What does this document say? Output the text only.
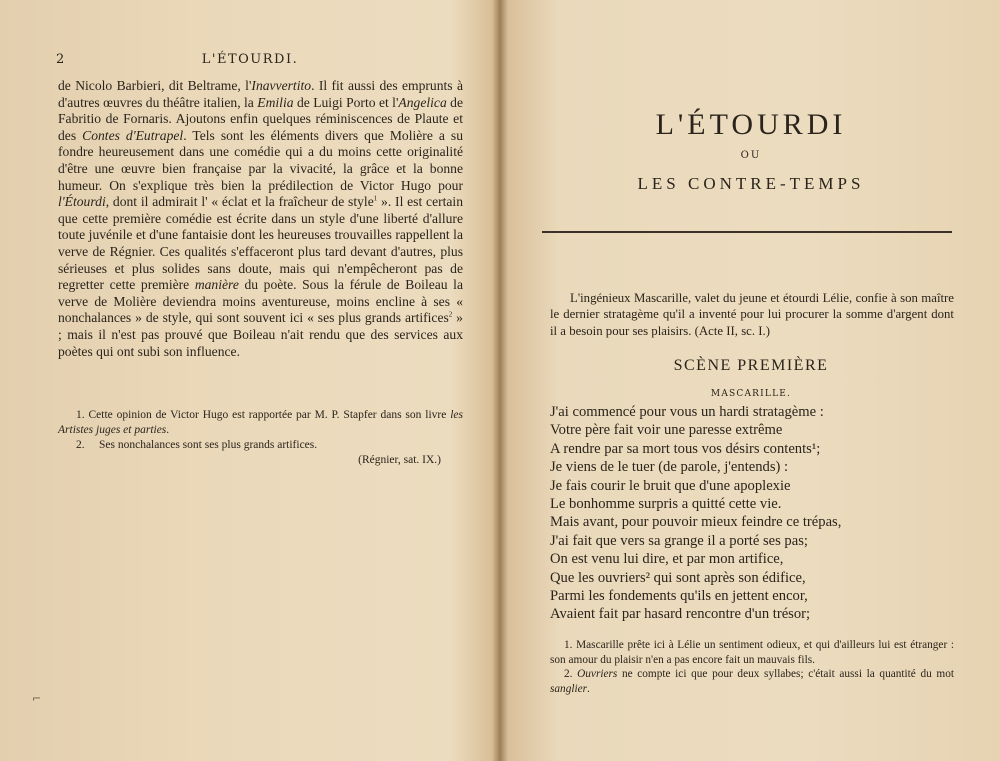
2	L'ÉTOURDI.

de Nicolo Barbieri, dit Beltrame, l'Inavvertito. Il fit aussi des emprunts à d'autres œuvres du théâtre italien, la Emilia de Luigi Porto et l'Angelica de Fabritio de Fornaris. Ajoutons enfin quelques réminiscences de Plaute et des Contes d'Eutrapel. Tels sont les éléments divers que Molière a su fondre heureusement dans une comédie qui a du moins cette originalité d'être une œuvre bien française par la vivacité, la grâce et la bonne humeur. On s'explique très bien la prédilection de Victor Hugo pour l'Étourdi, dont il admirait l' « éclat et la fraîcheur de style$^1$ ». Il est certain que cette première comédie est écrite dans un style d'une liberté d'allure toute juvénile et d'une fantaisie dont les heureuses trouvailles rappellent la verve de Régnier. Ces qualités s'effaceront plus tard devant d'autres, plus sérieuses et plus solides sans doute, mais qui n'empêcheront pas de regretter cette première manière du poète. Sous la férule de Boileau la verve de Molière deviendra moins aventureuse, moins encline à ses « nonchalances » de style, qui sont souvent ici « ses plus grands artifices$^2$ » ; mais il n'est pas prouvé que Boileau n'ait rendu que des services aux poètes qui ont subi son influence.

1. Cette opinion de Victor Hugo est rapportée par M. P. Stapfer dans son livre les Artistes juges et parties.

2.     Ses nonchalances sont ses plus grands artifices.

(Régnier, sat. IX.)

⌐
L'ÉTOURDI
OU
LES CONTRE-TEMPS
L'ingénieux Mascarille, valet du jeune et étourdi Lélie, confie à son maître le dernier stratagème qu'il a inventé pour lui procurer la somme d'argent dont il a besoin pour ses plaisirs. (Acte II, sc. I.)
SCÈNE PREMIÈRE
MASCARILLE.
J'ai commencé pour vous un hardi stratagème :
Votre père fait voir une paresse extrême
A rendre par sa mort tous vos désirs contents¹;
Je viens de le tuer (de parole, j'entends) :
Je fais courir le bruit que d'une apoplexie
Le bonhomme surpris a quitté cette vie.
Mais avant, pour pouvoir mieux feindre ce trépas,
J'ai fait que vers sa grange il a porté ses pas;
On est venu lui dire, et par mon artifice,
Que les ouvriers² qui sont après son édifice,
Parmi les fondements qu'ils en jettent encor,
Avaient fait par hasard rencontre d'un trésor;

1. Mascarille prête ici à Lélie un sentiment odieux, et qui d'ailleurs lui est étranger : son amour du plaisir n'en a pas encore fait un mauvais fils.

2. Ouvriers ne compte ici que pour deux syllabes; c'était aussi la quantité du mot sanglier.
